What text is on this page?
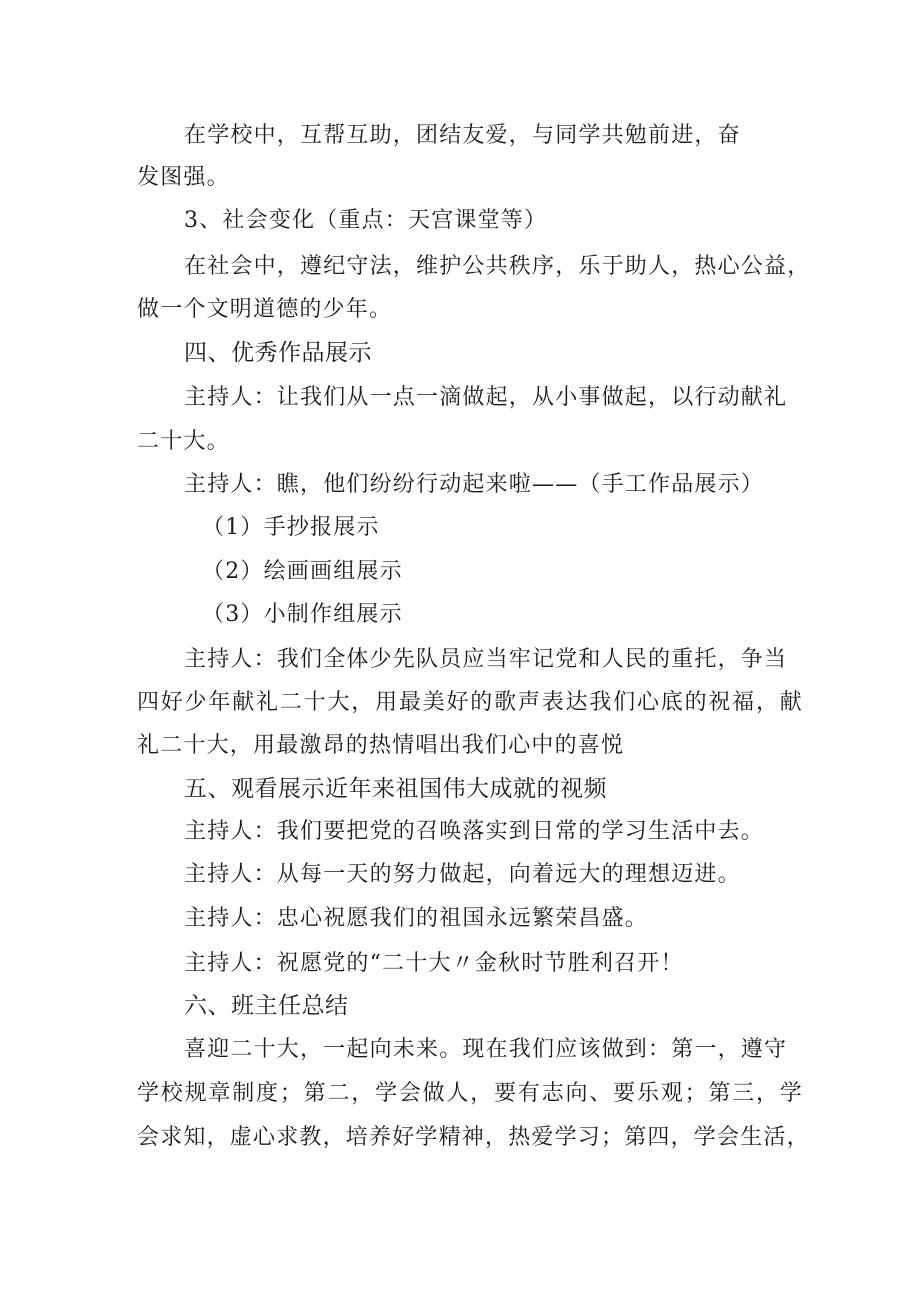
在学校中，互帮互助，团结友爱，与同学共勉前进，奋
发图强。
3、社会变化（重点：天宫课堂等）
在社会中，遵纪守法，维护公共秩序，乐于助人，热心公益，
做一个文明道德的少年。
四、优秀作品展示
主持人：让我们从一点一滴做起，从小事做起，以行动献礼
二十大。
主持人：瞧，他们纷纷行动起来啦——（手工作品展示）
（1）手抄报展示
（2）绘画画组展示
（3）小制作组展示
主持人：我们全体少先队员应当牢记党和人民的重托，争当
四好少年献礼二十大，用最美好的歌声表达我们心底的祝福，献
礼二十大，用最激昂的热情唱出我们心中的喜悦
五、观看展示近年来祖国伟大成就的视频
主持人：我们要把党的召唤落实到日常的学习生活中去。
主持人：从每一天的努力做起，向着远大的理想迈进。
主持人：忠心祝愿我们的祖国永远繁荣昌盛。
主持人：祝愿党的“二十大〃金秋时节胜利召开！
六、班主任总结
喜迎二十大，一起向未来。现在我们应该做到：第一，遵守
学校规章制度；第二，学会做人，要有志向、要乐观；第三，学
会求知，虚心求教，培养好学精神，热爱学习；第四，学会生活，
